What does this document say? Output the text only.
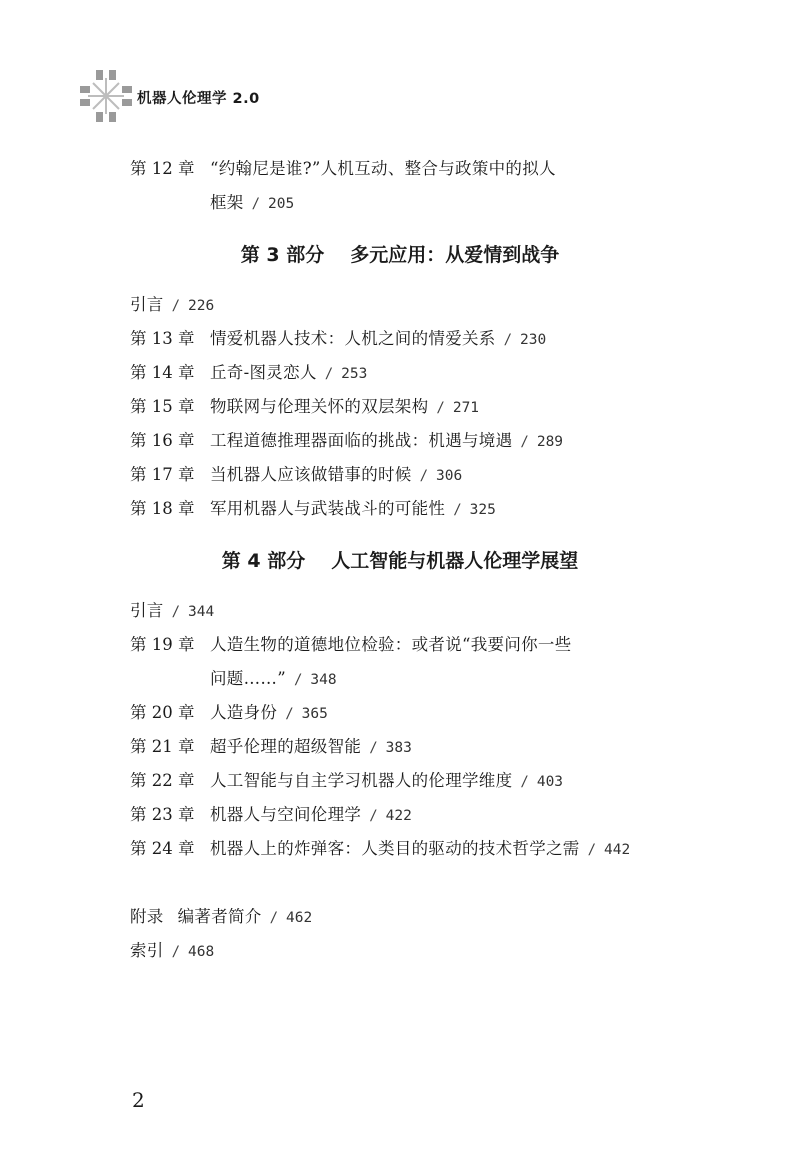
机器人伦理学 2.0
第 12 章 “约翰尼是谁?”人机互动、整合与政策中的拟人
框架 / 205
第 3 部分 多元应用：从爱情到战争
引言 / 226
第 13 章 情爱机器人技术：人机之间的情爱关系 / 230
第 14 章 丘奇-图灵恋人 / 253
第 15 章 物联网与伦理关怀的双层架构 / 271
第 16 章 工程道德推理器面临的挑战：机遇与境遇 / 289
第 17 章 当机器人应该做错事的时候 / 306
第 18 章 军用机器人与武装战斗的可能性 / 325
第 4 部分 人工智能与机器人伦理学展望
引言 / 344
第 19 章 人造生物的道德地位检验：或者说“我要问你一些
问题……” / 348
第 20 章 人造身份 / 365
第 21 章 超乎伦理的超级智能 / 383
第 22 章 人工智能与自主学习机器人的伦理学维度 / 403
第 23 章 机器人与空间伦理学 / 422
第 24 章 机器人上的炸弹客：人类目的驱动的技术哲学之需 / 442
附录 编著者简介 / 462
索引 / 468
2
